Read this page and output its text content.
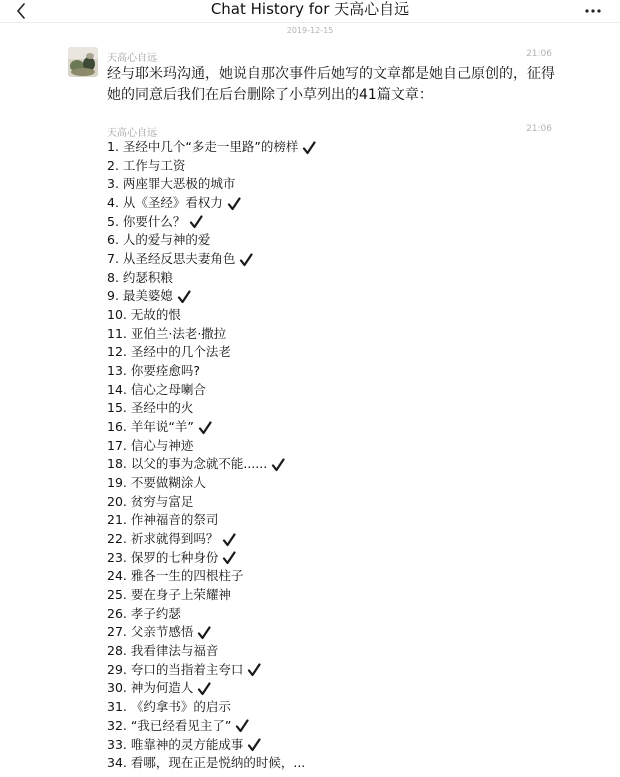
Chat History for 天高心自远
2019-12-15
天高心自远	21:06

经与耶米玛沟通，她说自那次事件后她写的文章都是她自己原创的，征得她的同意后我们在后台删除了小草列出的41篇文章：

天高心自远	21:06
1. 圣经中几个“多走一里路”的榜样
2. 工作与工资
3. 两座罪大恶极的城市
4. 从《圣经》看权力
5. 你要什么？
6. 人的爱与神的爱
7. 从圣经反思夫妻角色
8. 约瑟积粮
9. 最美婆媳
10. 无故的恨
11. 亚伯兰·法老·撒拉
12. 圣经中的几个法老
13. 你要痊愈吗?
14. 信心之母喇合
15. 圣经中的火
16. 羊年说“羊”
17. 信心与神迹
18. 以父的事为念就不能......
19. 不要做糊涂人
20. 贫穷与富足
21. 作神福音的祭司
22. 祈求就得到吗？
23. 保罗的七种身份
24. 雅各一生的四根柱子
25. 要在身子上荣耀神
26. 孝子约瑟
27. 父亲节感悟
28. 我看律法与福音
29. 夸口的当指着主夸口
30. 神为何造人
31. 《约拿书》的启示
32. “我已经看见主了”
33. 唯靠神的灵方能成事
34. 看哪，现在正是悦纳的时候，...
